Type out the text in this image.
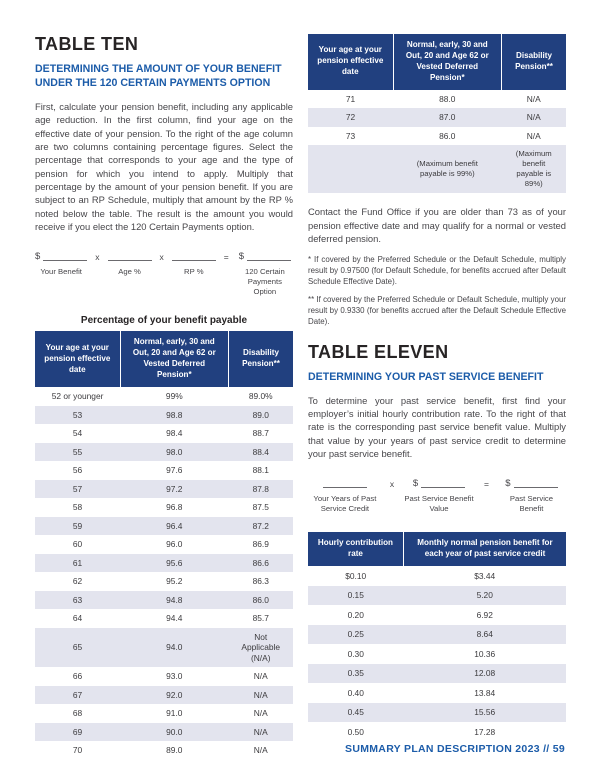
TABLE TEN
DETERMINING THE AMOUNT OF YOUR BENEFIT UNDER THE 120 CERTAIN PAYMENTS OPTION

First, calculate your pension benefit, including any applicable age reduction. In the first column, find your age on the effective date of your pension. To the right of the age column are two columns containing percentage figures. Select the percentage that corresponds to your age and the type of pension for which you intend to apply. Multiply that percentage by the amount of your pension benefit. If you are subject to an RP Schedule, multiply that amount by the RP % noted below the table. The result is the amount you would receive if you elect the 120 Certain Payments option.

$
Your Benefit
x
Age %
x
RP %
= $
120 Certain Payments Option
Percentage of your benefit payable
Your age at your pension effective date	Normal, early, 30 and Out, 20 and Age 62 or Vested Deferred Pension*	Disability Pension**
52 or younger	99%	89.0%
53	98.8	89.0
54	98.4	88.7
55	98.0	88.4
56	97.6	88.1
57	97.2	87.8
58	96.8	87.5
59	96.4	87.2
60	96.0	86.9
61	95.6	86.6
62	95.2	86.3
63	94.8	86.0
64	94.4	85.7
65	94.0	Not Applicable (N/A)
66	93.0	N/A
67	92.0	N/A
68	91.0	N/A
69	90.0	N/A
70	89.0	N/A
Your age at your pension effective date	Normal, early, 30 and Out, 20 and Age 62 or Vested Deferred Pension*	Disability Pension**
71	88.0	N/A
72	87.0	N/A
73	86.0	N/A
	(Maximum benefit payable is 99%)	(Maximum benefit payable is 89%)

Contact the Fund Office if you are older than 73 as of your pension effective date and may qualify for a normal or vested deferred pension.

* If covered by the Preferred Schedule or the Default Schedule, multiply result by 0.97500 (for Default Schedule, for benefits accrued after Default Schedule Effective Date).

** If covered by the Preferred Schedule or Default Schedule, multiply your result by 0.9330 (for benefits accrued after the Default Schedule Effective Date).

TABLE ELEVEN
DETERMINING YOUR PAST SERVICE BENEFIT

To determine your past service benefit, first find your employer’s initial hourly contribution rate. To the right of that rate is the corresponding past service benefit value. Multiply that value by your years of past service credit to determine your past service benefit.

Your Years of Past Service Credit
x $
Past Service Benefit Value
= $
Past Service Benefit
Hourly contribution rate	Monthly normal pension benefit for each year of past service credit
$0.10	$3.44
0.15	5.20
0.20	6.92
0.25	8.64
0.30	10.36
0.35	12.08
0.40	13.84
0.45	15.56
0.50	17.28
SUMMARY PLAN DESCRIPTION 2023 // 59
